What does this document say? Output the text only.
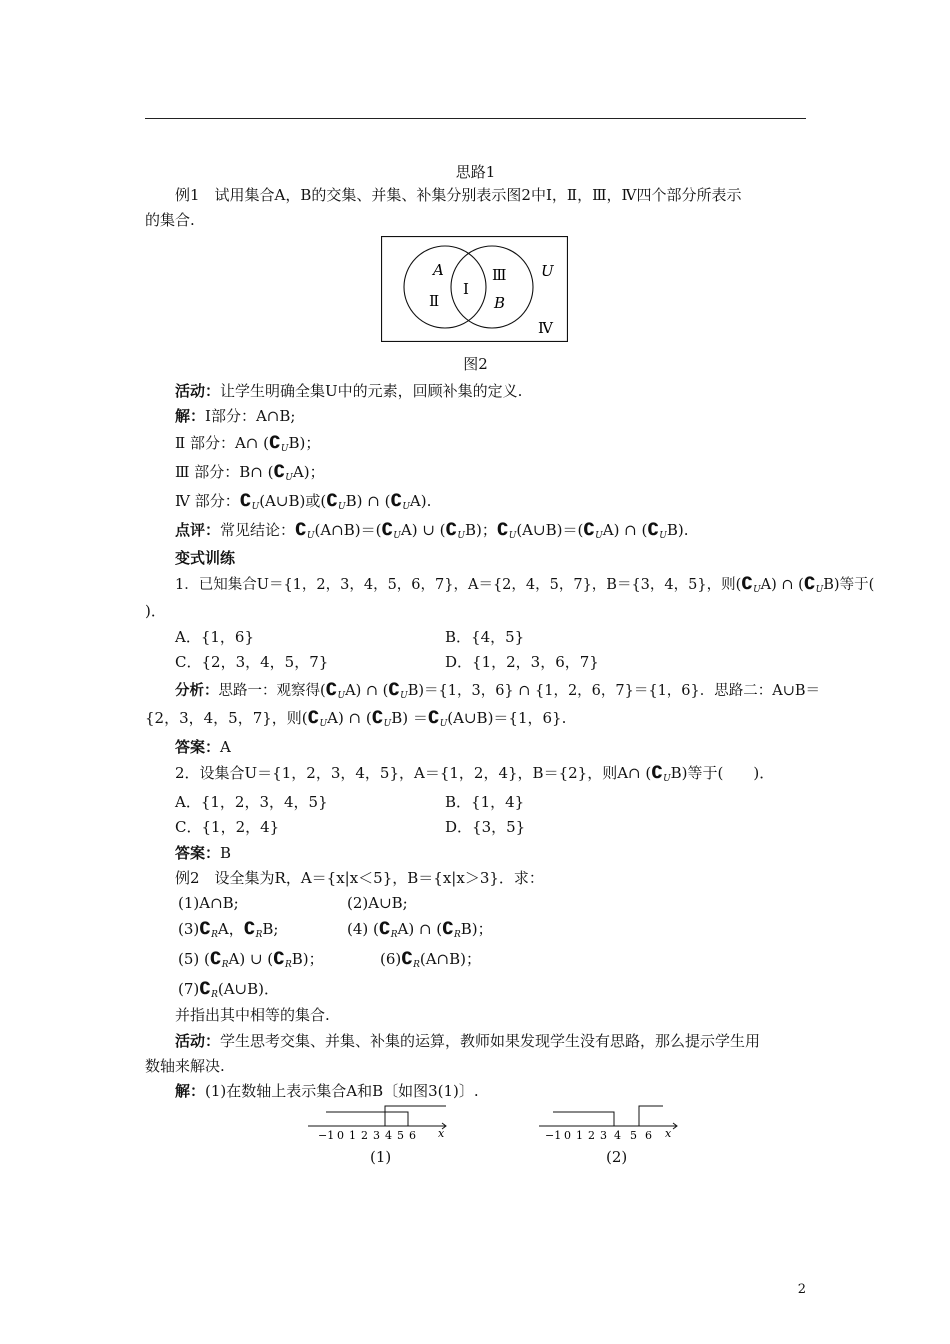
思路1
例1　试用集合A，B的交集、并集、补集分别表示图2中Ⅰ，Ⅱ，Ⅲ，Ⅳ四个部分所表示
的集合.
A
Ⅱ
Ⅰ
Ⅲ
B
U
Ⅳ
图2
活动：让学生明确全集U中的元素，回顾补集的定义.
解：Ⅰ部分：A∩B;
Ⅱ 部分：A∩ $(∁_UB)$；
Ⅲ 部分：B∩ $(∁_UA)$；
Ⅳ 部分：$∁_U(A\cup B)$或$(∁_UB)$ ∩ $(∁_UA)$.
点评：常见结论：$∁_U(A\cap B)=(∁_UA)$ ∪ $(∁_UB)$；$∁_U(A\cup B)=(∁_UA)$ ∩ $(∁_UB)$.
变式训练
1．已知集合U＝{1，2，3，4，5，6，7}，A＝{2，4，5，7}，B＝{3，4，5}，则$(∁_UA)$ ∩ $(∁_UB)$等于(
)．
A．{1，6}	B．{4，5}
C．{2，3，4，5，7}	D．{1，2，3，6，7}
分析：思路一：观察得$(∁_UA)$ ∩ $(∁_UB)=\{1$，3，6} ∩ {1，2，6，7}＝{1，6}．思路二：A∪B＝
{2，3，4，5，7}，则$(∁_UA)$ ∩ $(∁_UB)$ $=∁_U(A\cup B)=\{1$，6}.
答案：A
2．设集合U＝{1，2，3，4，5}，A＝{1，2，4}，B＝{2}，则A∩ $(∁_UB)$等于(　　)．
A．{1，2，3，4，5}	B．{1，4}
C．{1，2，4}	D．{3，5}
答案：B
例2　设全集为R，A＝{x|x＜5}，B＝{x|x＞3}．求：
(1)A∩B;	(2)A∪B;
$(3)∁_RA$，$∁_RB$;	(4) $(∁_RA)$ ∩ $(∁_RB)$；
(5) $(∁_RA)$ ∪ $(∁_RB)$；	$(6)∁_R(A\cap B)$；
$(7)∁_R(A\cup B)$．
并指出其中相等的集合.
活动：学生思考交集、并集、补集的运算，教师如果发现学生没有思路，那么提示学生用
数轴来解决.
解：(1)在数轴上表示集合A和B〔如图3(1)〕.
−1 0 1 2 3 4 5 6 x
(1)
−1 0 1 2 3 4 5 6 x
(2)
2
